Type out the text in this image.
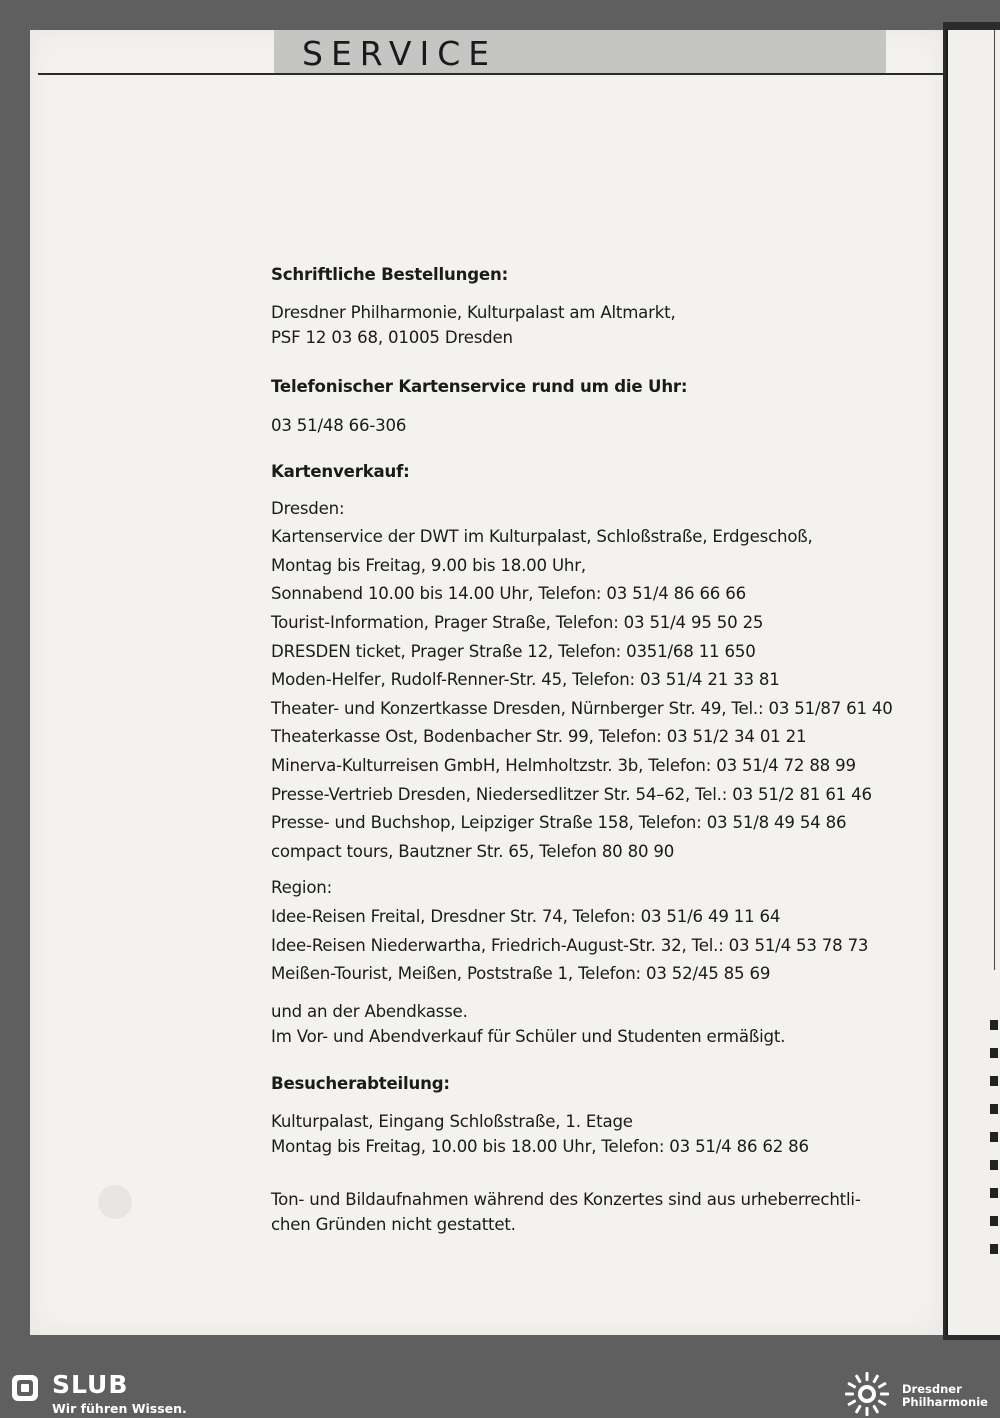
SERVICE
Schriftliche Bestellungen:
Dresdner Philharmonie, Kulturpalast am Altmarkt,
PSF 12 03 68, 01005 Dresden
Telefonischer Kartenservice rund um die Uhr:
03 51/48 66-306
Kartenverkauf:
Dresden:
Kartenservice der DWT im Kulturpalast, Schloßstraße, Erdgeschoß,
Montag bis Freitag, 9.00 bis 18.00 Uhr,
Sonnabend 10.00 bis 14.00 Uhr, Telefon: 03 51/4 86 66 66
Tourist-Information, Prager Straße, Telefon: 03 51/4 95 50 25
DRESDEN ticket, Prager Straße 12, Telefon: 0351/68 11 650
Moden-Helfer, Rudolf-Renner-Str. 45, Telefon: 03 51/4 21 33 81
Theater- und Konzertkasse Dresden, Nürnberger Str. 49, Tel.: 03 51/87 61 40
Theaterkasse Ost, Bodenbacher Str. 99, Telefon: 03 51/2 34 01 21
Minerva-Kulturreisen GmbH, Helmholtzstr. 3b, Telefon: 03 51/4 72 88 99
Presse-Vertrieb Dresden, Niedersedlitzer Str. 54–62, Tel.: 03 51/2 81 61 46
Presse- und Buchshop, Leipziger Straße 158, Telefon: 03 51/8 49 54 86
compact tours, Bautzner Str. 65, Telefon 80 80 90
Region:
Idee-Reisen Freital, Dresdner Str. 74, Telefon: 03 51/6 49 11 64
Idee-Reisen Niederwartha, Friedrich-August-Str. 32, Tel.: 03 51/4 53 78 73
Meißen-Tourist, Meißen, Poststraße 1, Telefon: 03 52/45 85 69
und an der Abendkasse.
Im Vor- und Abendverkauf für Schüler und Studenten ermäßigt.
Besucherabteilung:
Kulturpalast, Eingang Schloßstraße, 1. Etage
Montag bis Freitag, 10.00 bis 18.00 Uhr, Telefon: 03 51/4 86 62 86
Ton- und Bildaufnahmen während des Konzertes sind aus urheberrechtlichen Gründen nicht gestattet.
SLUB
Wir führen Wissen.
Dresdner
Philharmonie
